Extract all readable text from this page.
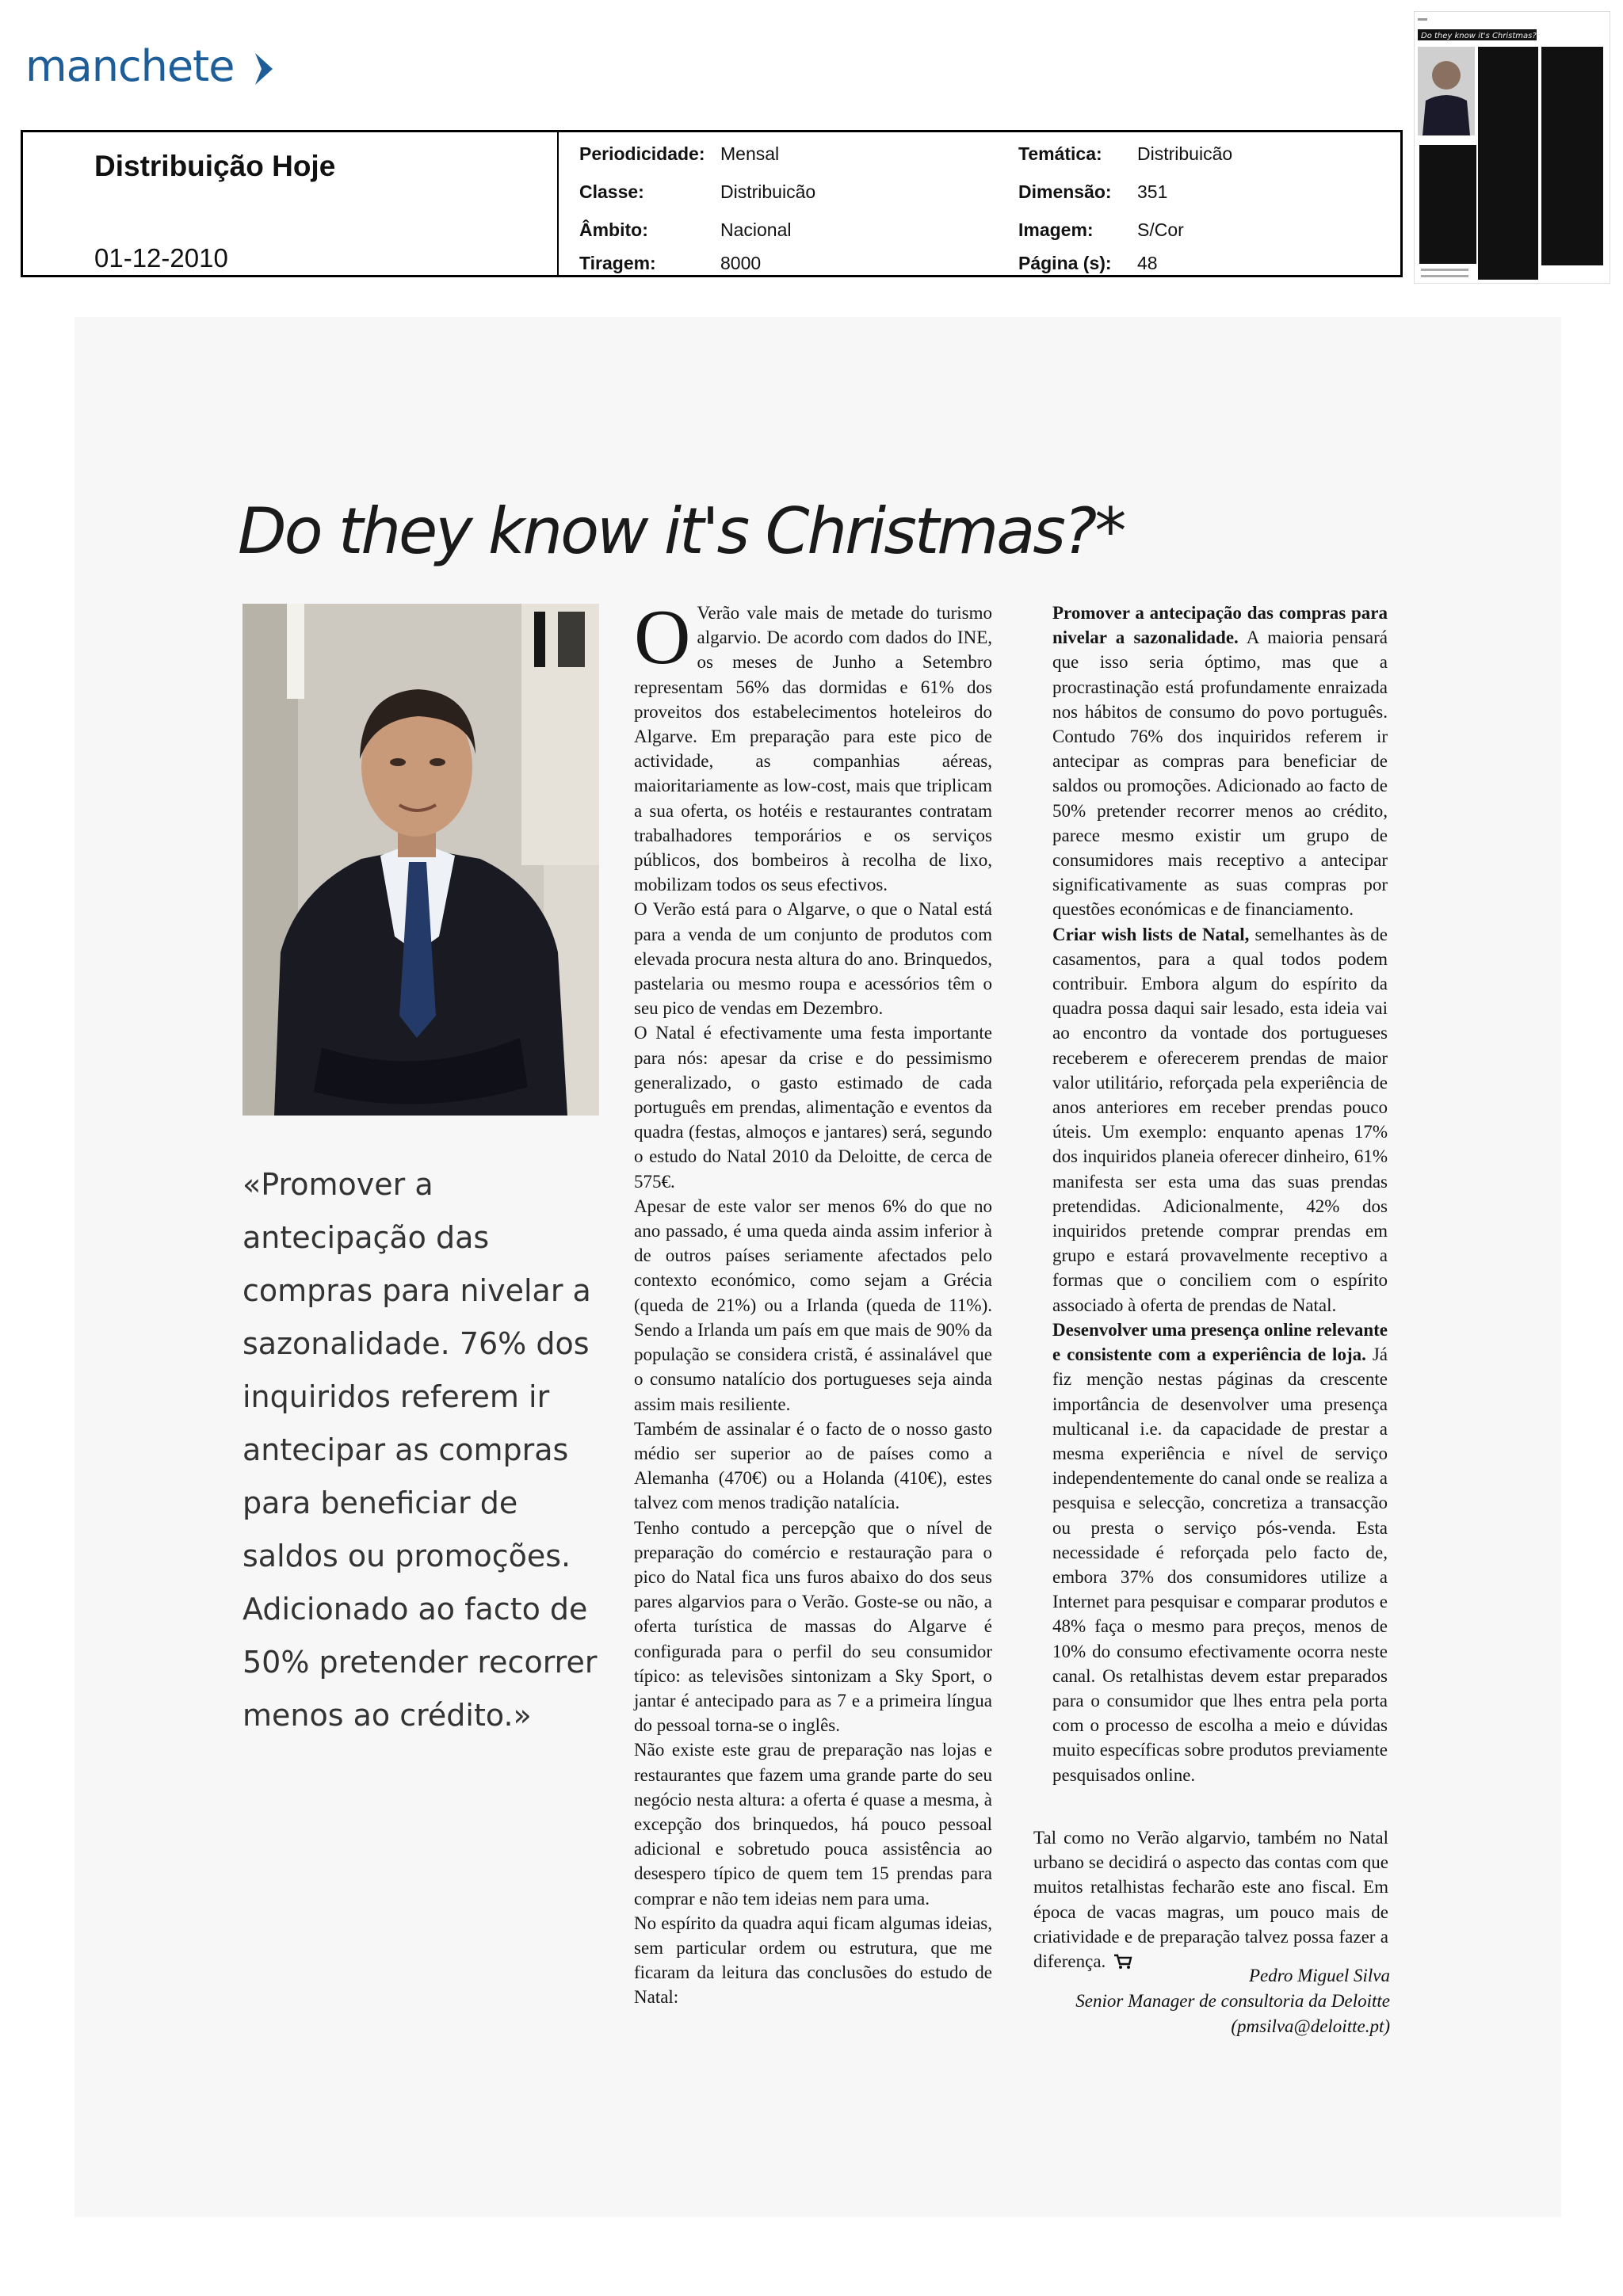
manchete
Distribuição Hoje
01-12-2010
Periodicidade: Mensal	Temática: Distribuicão
Classe:	Distribuicão	Dimensão: 351
Âmbito:	Nacional	Imagem: S/Cor
Tiragem:	8000	Página (s): 48
Do they know it's Christmas?*
Do they know it's Christmas?*

«Promover a antecipação das compras para nivelar a sazonalidade. 76% dos inquiridos referem ir antecipar as compras para beneficiar de saldos ou promoções. Adicionado ao facto de 50% pretender recorrer menos ao crédito.»

O Verão vale mais de metade do turismo algarvio. De acordo com dados do INE, os meses de Junho a Setembro representam 56% das dormidas e 61% dos proveitos dos estabelecimentos hoteleiros do Algarve. Em preparação para este pico de actividade, as companhias aéreas, maioritariamente as low-cost, mais que triplicam a sua oferta, os hotéis e restaurantes contratam trabalhadores temporários e os serviços públicos, dos bombeiros à recolha de lixo, mobilizam todos os seus efectivos.

O Verão está para o Algarve, o que o Natal está para a venda de um conjunto de produtos com elevada procura nesta altura do ano. Brinquedos, pastelaria ou mesmo roupa e acessórios têm o seu pico de vendas em Dezembro.

O Natal é efectivamente uma festa importante para nós: apesar da crise e do pessimismo generalizado, o gasto estimado de cada português em prendas, alimentação e eventos da quadra (festas, almoços e jantares) será, segundo o estudo do Natal 2010 da Deloitte, de cerca de 575€.

Apesar de este valor ser menos 6% do que no ano passado, é uma queda ainda assim inferior à de outros países seriamente afectados pelo contexto económico, como sejam a Grécia (queda de 21%) ou a Irlanda (queda de 11%). Sendo a Irlanda um país em que mais de 90% da população se considera cristã, é assinalável que o consumo natalício dos portugueses seja ainda assim mais resiliente.

Também de assinalar é o facto de o nosso gasto médio ser superior ao de países como a Alemanha (470€) ou a Holanda (410€), estes talvez com menos tradição natalícia.

Tenho contudo a percepção que o nível de preparação do comércio e restauração para o pico do Natal fica uns furos abaixo do dos seus pares algarvios para o Verão. Goste-se ou não, a oferta turística de massas do Algarve é configurada para o perfil do seu consumidor típico: as televisões sintonizam a Sky Sport, o jantar é antecipado para as 7 e a primeira língua do pessoal torna-se o inglês.

Não existe este grau de preparação nas lojas e restaurantes que fazem uma grande parte do seu negócio nesta altura: a oferta é quase a mesma, à excepção dos brinquedos, há pouco pessoal adicional e sobretudo pouca assistência ao desespero típico de quem tem 15 prendas para comprar e não tem ideias nem para uma.

No espírito da quadra aqui ficam algumas ideias, sem particular ordem ou estrutura, que me ficaram da leitura das conclusões do estudo de Natal:

Promover a antecipação das compras para nivelar a sazonalidade. A maioria pensará que isso seria óptimo, mas que a procrastinação está profundamente enraizada nos hábitos de consumo do povo português. Contudo 76% dos inquiridos referem ir antecipar as compras para beneficiar de saldos ou promoções. Adicionado ao facto de 50% pretender recorrer menos ao crédito, parece mesmo existir um grupo de consumidores mais receptivo a antecipar significativamente as suas compras por questões económicas e de financiamento.

Criar wish lists de Natal, semelhantes às de casamentos, para a qual todos podem contribuir. Embora algum do espírito da quadra possa daqui sair lesado, esta ideia vai ao encontro da vontade dos portugueses receberem e oferecerem prendas de maior valor utilitário, reforçada pela experiência de anos anteriores em receber prendas pouco úteis. Um exemplo: enquanto apenas 17% dos inquiridos planeia oferecer dinheiro, 61% manifesta ser esta uma das suas prendas pretendidas. Adicionalmente, 42% dos inquiridos pretende comprar prendas em grupo e estará provavelmente receptivo a formas que o conciliem com o espírito associado à oferta de prendas de Natal.

Desenvolver uma presença online relevante e consistente com a experiência de loja. Já fiz menção nestas páginas da crescente importância de desenvolver uma presença multicanal i.e. da capacidade de prestar a mesma experiência e nível de serviço independentemente do canal onde se realiza a pesquisa e selecção, concretiza a transacção ou presta o serviço pós-venda. Esta necessidade é reforçada pelo facto de, embora 37% dos consumidores utilize a Internet para pesquisar e comparar produtos e 48% faça o mesmo para preços, menos de 10% do consumo efectivamente ocorra neste canal. Os retalhistas devem estar preparados para o consumidor que lhes entra pela porta com o processo de escolha a meio e dúvidas muito específicas sobre produtos previamente pesquisados online.

Tal como no Verão algarvio, também no Natal urbano se decidirá o aspecto das contas com que muitos retalhistas fecharão este ano fiscal. Em época de vacas magras, um pouco mais de criatividade e de preparação talvez possa fazer a diferença.

Pedro Miguel Silva
Senior Manager de consultoria da Deloitte
(pmsilva@deloitte.pt)
